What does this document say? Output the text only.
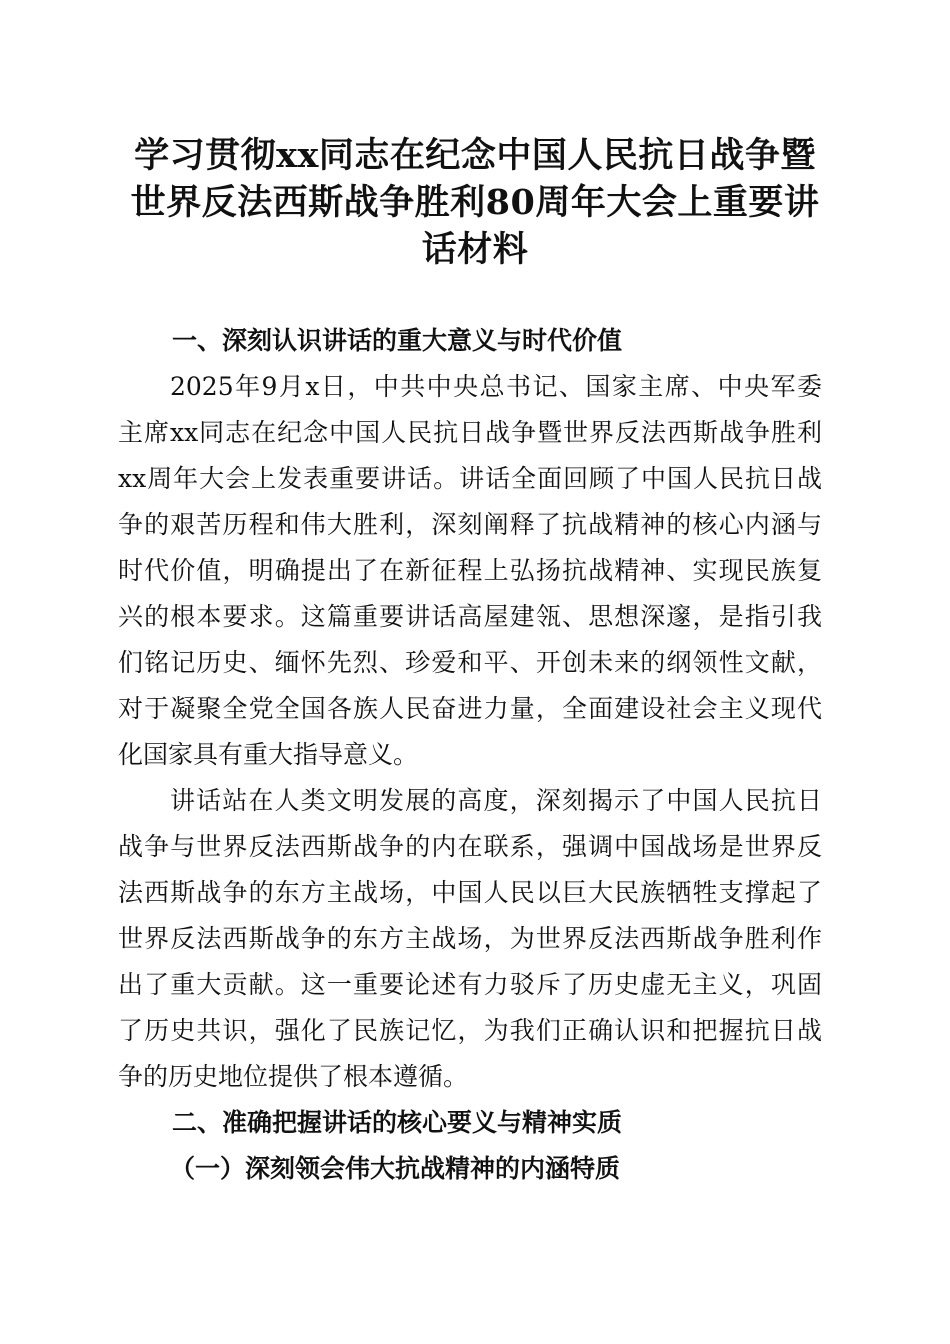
学习贯彻xx同志在纪念中国人民抗日战争暨
世界反法西斯战争胜利80周年大会上重要讲
话材料
一、深刻认识讲话的重大意义与时代价值

2025年9月x日，中共中央总书记、国家主席、中央军委
主席xx同志在纪念中国人民抗日战争暨世界反法西斯战争胜利
xx周年大会上发表重要讲话。讲话全面回顾了中国人民抗日战
争的艰苦历程和伟大胜利，深刻阐释了抗战精神的核心内涵与
时代价值，明确提出了在新征程上弘扬抗战精神、实现民族复
兴的根本要求。这篇重要讲话高屋建瓴、思想深邃，是指引我
们铭记历史、缅怀先烈、珍爱和平、开创未来的纲领性文献，
对于凝聚全党全国各族人民奋进力量，全面建设社会主义现代
化国家具有重大指导意义。

讲话站在人类文明发展的高度，深刻揭示了中国人民抗日
战争与世界反法西斯战争的内在联系，强调中国战场是世界反
法西斯战争的东方主战场，中国人民以巨大民族牺牲支撑起了
世界反法西斯战争的东方主战场，为世界反法西斯战争胜利作
出了重大贡献。这一重要论述有力驳斥了历史虚无主义，巩固
了历史共识，强化了民族记忆，为我们正确认识和把握抗日战
争的历史地位提供了根本遵循。

二、准确把握讲话的核心要义与精神实质
（一）深刻领会伟大抗战精神的内涵特质
